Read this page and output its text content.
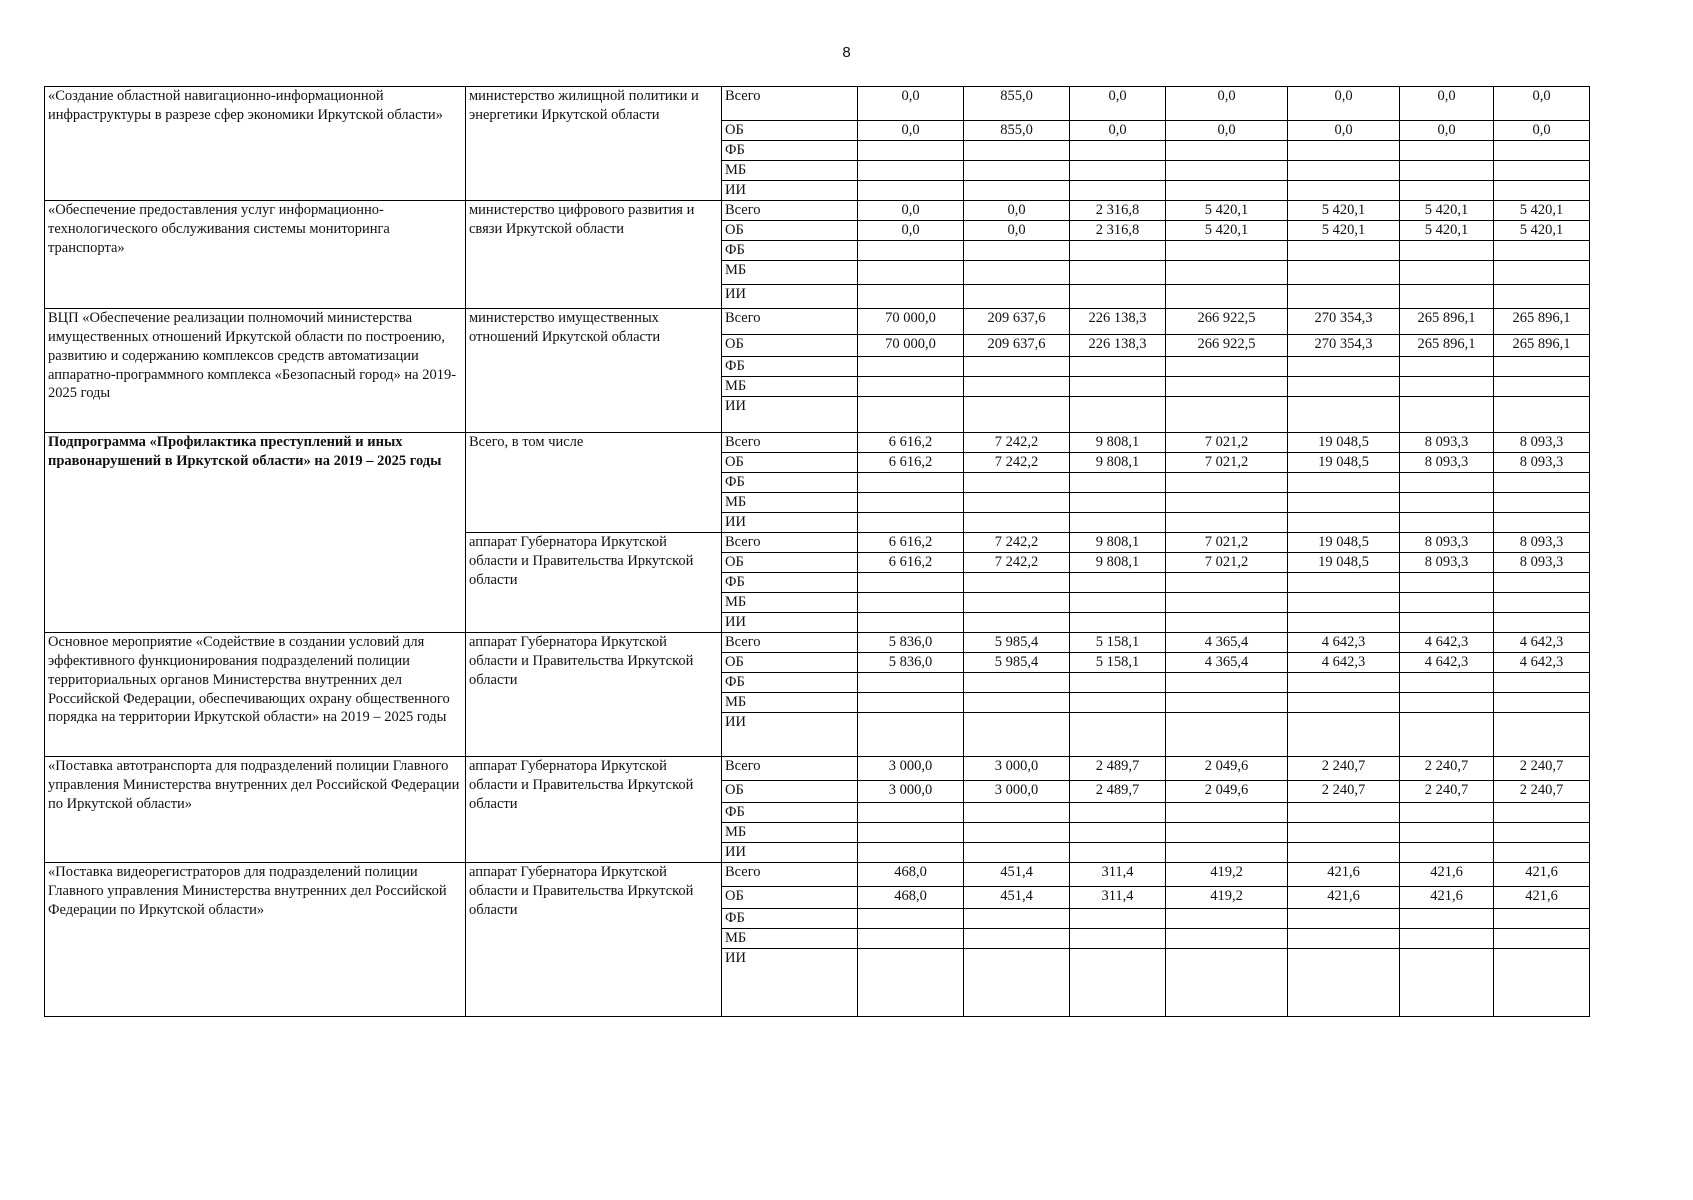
8
«Создание областной навигационно-информационной инфраструктуры в разрезе сфер экономики Иркутской области»	министерство жилищной политики и энергетики Иркутской области	Всего	0,0	855,0	0,0	0,0	0,0	0,0	0,0
		ОБ	0,0	855,0	0,0	0,0	0,0	0,0	0,0
		ФБ							
		МБ							
		ИИ							
«Обеспечение предоставления услуг информационно-технологического обслуживания системы мониторинга транспорта»	министерство цифрового развития и связи Иркутской области	Всего	0,0	0,0	2 316,8	5 420,1	5 420,1	5 420,1	5 420,1
		ОБ	0,0	0,0	2 316,8	5 420,1	5 420,1	5 420,1	5 420,1
		ФБ							
		МБ							
		ИИ							
ВЦП «Обеспечение реализации полномочий министерства имущественных отношений Иркутской области по построению, развитию и содержанию комплексов средств автоматизации аппаратно-программного комплекса «Безопасный город» на 2019-2025 годы	министерство имущественных отношений Иркутской области	Всего	70 000,0	209 637,6	226 138,3	266 922,5	270 354,3	265 896,1	265 896,1
		ОБ	70 000,0	209 637,6	226 138,3	266 922,5	270 354,3	265 896,1	265 896,1
		ФБ							
		МБ							
		ИИ							
Подпрограмма «Профилактика преступлений и иных правонарушений в Иркутской области» на 2019 – 2025 годы	Всего, в том числе	Всего	6 616,2	7 242,2	9 808,1	7 021,2	19 048,5	8 093,3	8 093,3
		ОБ	6 616,2	7 242,2	9 808,1	7 021,2	19 048,5	8 093,3	8 093,3
		ФБ							
		МБ							
		ИИ							
	аппарат Губернатора Иркутской области и Правительства Иркутской области	Всего	6 616,2	7 242,2	9 808,1	7 021,2	19 048,5	8 093,3	8 093,3
		ОБ	6 616,2	7 242,2	9 808,1	7 021,2	19 048,5	8 093,3	8 093,3
		ФБ							
		МБ							
		ИИ							
Основное мероприятие «Содействие в создании условий для эффективного функционирования подразделений полиции территориальных органов Министерства внутренних дел Российской Федерации, обеспечивающих охрану общественного порядка на территории Иркутской области» на 2019 – 2025 годы	аппарат Губернатора Иркутской области и Правительства Иркутской области	Всего	5 836,0	5 985,4	5 158,1	4 365,4	4 642,3	4 642,3	4 642,3
		ОБ	5 836,0	5 985,4	5 158,1	4 365,4	4 642,3	4 642,3	4 642,3
		ФБ							
		МБ							
		ИИ							
«Поставка автотранспорта для подразделений полиции Главного управления Министерства внутренних дел Российской Федерации по Иркутской области»	аппарат Губернатора Иркутской области и Правительства Иркутской области	Всего	3 000,0	3 000,0	2 489,7	2 049,6	2 240,7	2 240,7	2 240,7
		ОБ	3 000,0	3 000,0	2 489,7	2 049,6	2 240,7	2 240,7	2 240,7
		ФБ							
		МБ							
		ИИ							
«Поставка видеорегистраторов для подразделений полиции Главного управления Министерства внутренних дел Российской Федерации по Иркутской области»	аппарат Губернатора Иркутской области и Правительства Иркутской области	Всего	468,0	451,4	311,4	419,2	421,6	421,6	421,6
		ОБ	468,0	451,4	311,4	419,2	421,6	421,6	421,6
		ФБ							
		МБ							
		ИИ							
